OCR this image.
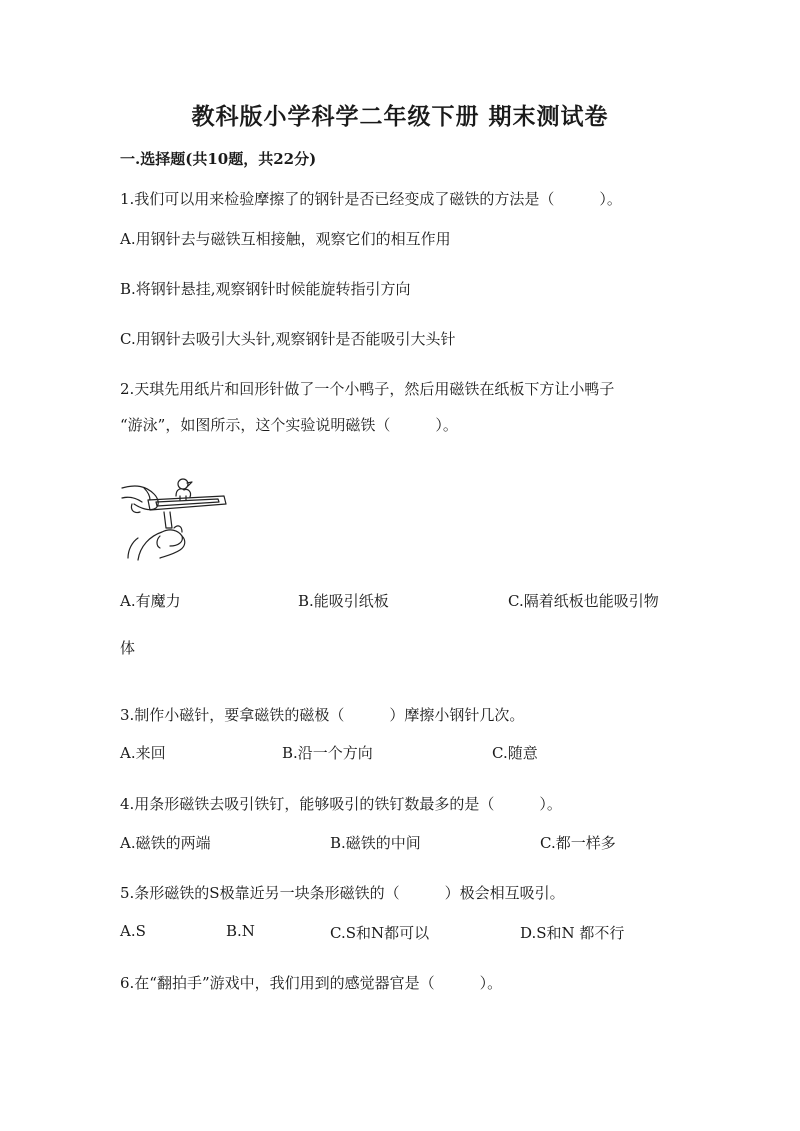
教科版小学科学二年级下册 期末测试卷
一.选择题(共10题，共22分)
1.我们可以用来检验摩擦了的钢针是否已经变成了磁铁的方法是（　　　）。
A.用钢针去与磁铁互相接触，观察它们的相互作用
B.将钢针悬挂,观察钢针时候能旋转指引方向
C.用钢针去吸引大头针,观察钢针是否能吸引大头针
2.天琪先用纸片和回形针做了一个小鸭子，然后用磁铁在纸板下方让小鸭子
“游泳”，如图所示，这个实验说明磁铁（　　　）。
A.有魔力	B.能吸引纸板	C.隔着纸板也能吸引物
体
3.制作小磁针，要拿磁铁的磁极（　　　）摩擦小钢针几次。
A.来回	B.沿一个方向	C.随意
4.用条形磁铁去吸引铁钉，能够吸引的铁钉数最多的是（　　　）。
A.磁铁的两端	B.磁铁的中间	C.都一样多
5.条形磁铁的S极靠近另一块条形磁铁的（　　　）极会相互吸引。
A.S	B.N	C.S和N都可以	D.S和N 都不行
6.在“翻拍手”游戏中，我们用到的感觉器官是（　　　）。
